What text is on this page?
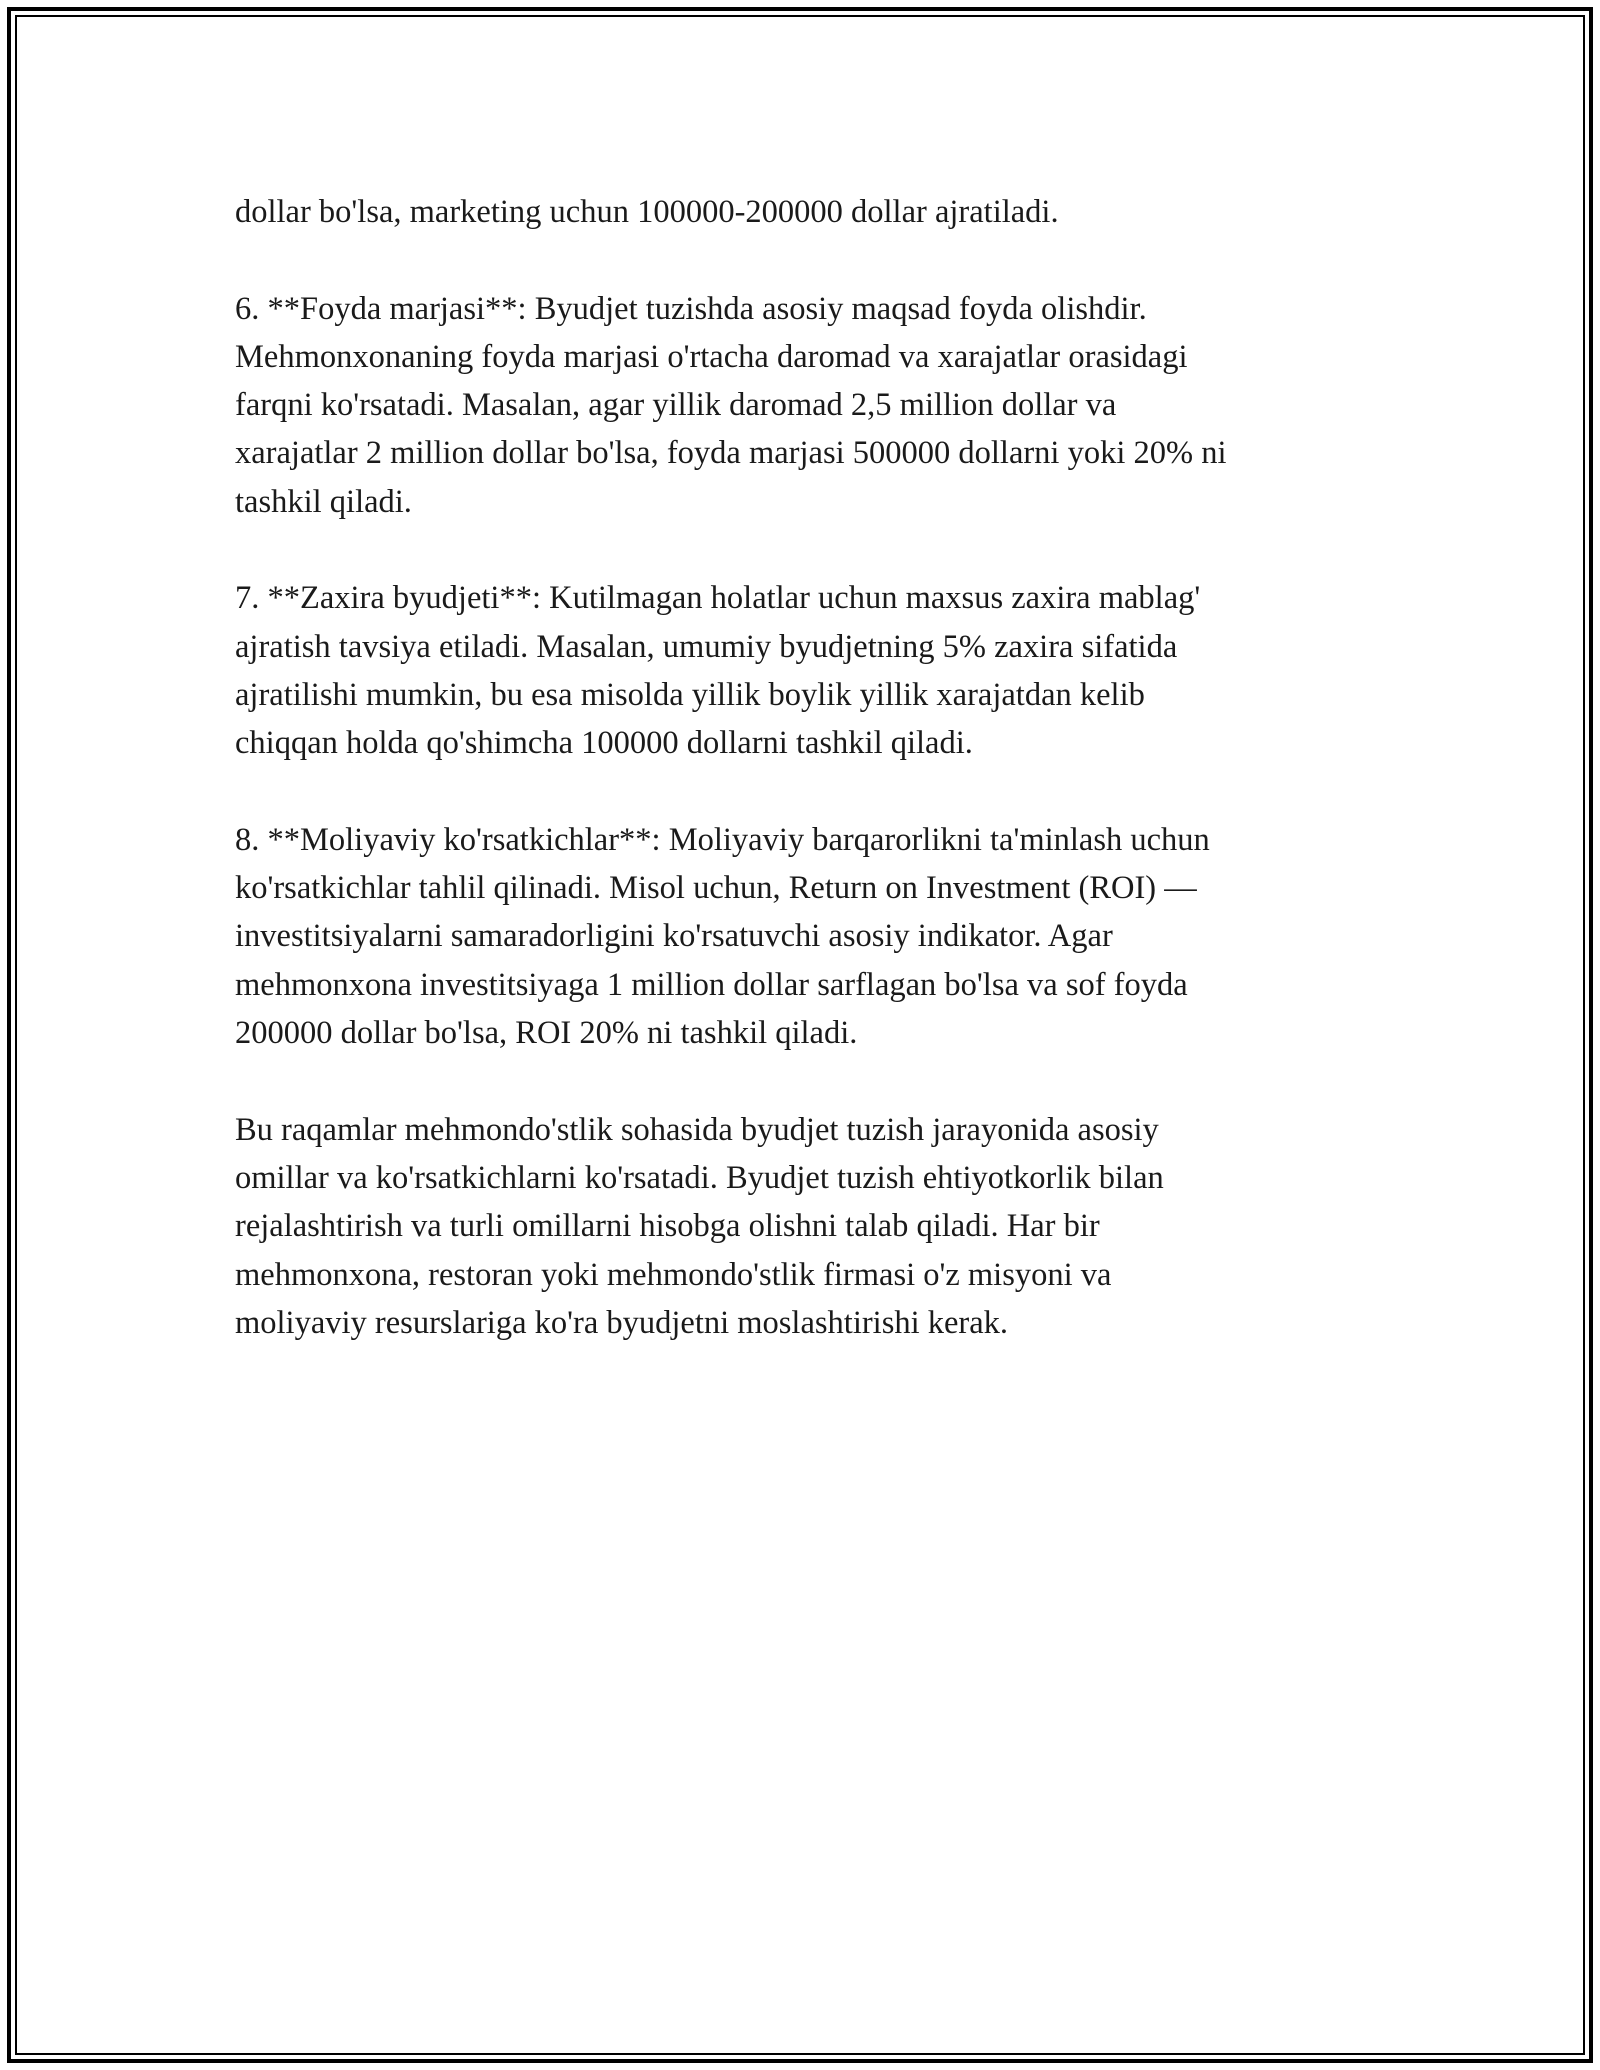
dollar bo'lsa, marketing uchun 100000-200000 dollar ajratiladi.

6. **Foyda marjasi**: Byudjet tuzishda asosiy maqsad foyda olishdir.
Mehmonxonaning foyda marjasi o'rtacha daromad va xarajatlar orasidagi
farqni ko'rsatadi. Masalan, agar yillik daromad 2,5 million dollar va
xarajatlar 2 million dollar bo'lsa, foyda marjasi 500000 dollarni yoki 20% ni
tashkil qiladi.

7. **Zaxira byudjeti**: Kutilmagan holatlar uchun maxsus zaxira mablag'
ajratish tavsiya etiladi. Masalan, umumiy byudjetning 5% zaxira sifatida
ajratilishi mumkin, bu esa misolda yillik boylik yillik xarajatdan kelib
chiqqan holda qo'shimcha 100000 dollarni tashkil qiladi.

8. **Moliyaviy ko'rsatkichlar**: Moliyaviy barqarorlikni ta'minlash uchun
ko'rsatkichlar tahlil qilinadi. Misol uchun, Return on Investment (ROI) —
investitsiyalarni samaradorligini ko'rsatuvchi asosiy indikator. Agar
mehmonxona investitsiyaga 1 million dollar sarflagan bo'lsa va sof foyda
200000 dollar bo'lsa, ROI 20% ni tashkil qiladi.

Bu raqamlar mehmondo'stlik sohasida byudjet tuzish jarayonida asosiy
omillar va ko'rsatkichlarni ko'rsatadi. Byudjet tuzish ehtiyotkorlik bilan
rejalashtirish va turli omillarni hisobga olishni talab qiladi. Har bir
mehmonxona, restoran yoki mehmondo'stlik firmasi o'z misyoni va
moliyaviy resurslariga ko'ra byudjetni moslashtirishi kerak.
